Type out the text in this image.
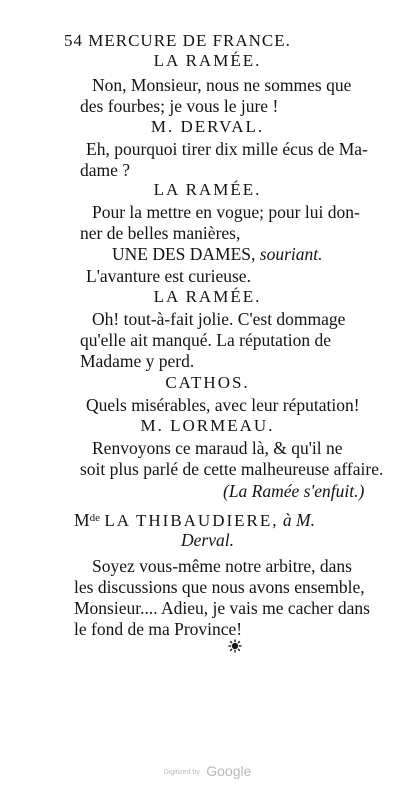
54 MERCURE DE FRANCE.
LA RAMÉE.
Non, Monsieur, nous ne sommes que
des fourbes; je vous le jure !
M. DERVAL.
Eh, pourquoi tirer dix mille écus de Ma-
dame ?
LA RAMÉE.
Pour la mettre en vogue; pour lui don-
ner de belles manières,
UNE DES DAMES, souriant.
L'avanture est curieuse.
LA RAMÉE.
Oh! tout-à-fait jolie. C'est dommage
qu'elle ait manqué. La réputation de
Madame y perd.
CATHOS.
Quels misérables, avec leur réputation!
M. LORMEAU.
Renvoyons ce maraud là, & qu'il ne
soit plus parlé de cette malheureuse affaire.
(La Ramée s'enfuit.)
Mde LA THIBAUDIERE, à M.
Derval.
Soyez vous-même notre arbitre, dans
les discussions que nous avons ensemble,
Monsieur.... Adieu, je vais me cacher dans
le fond de ma Province!
Digitized by Google
